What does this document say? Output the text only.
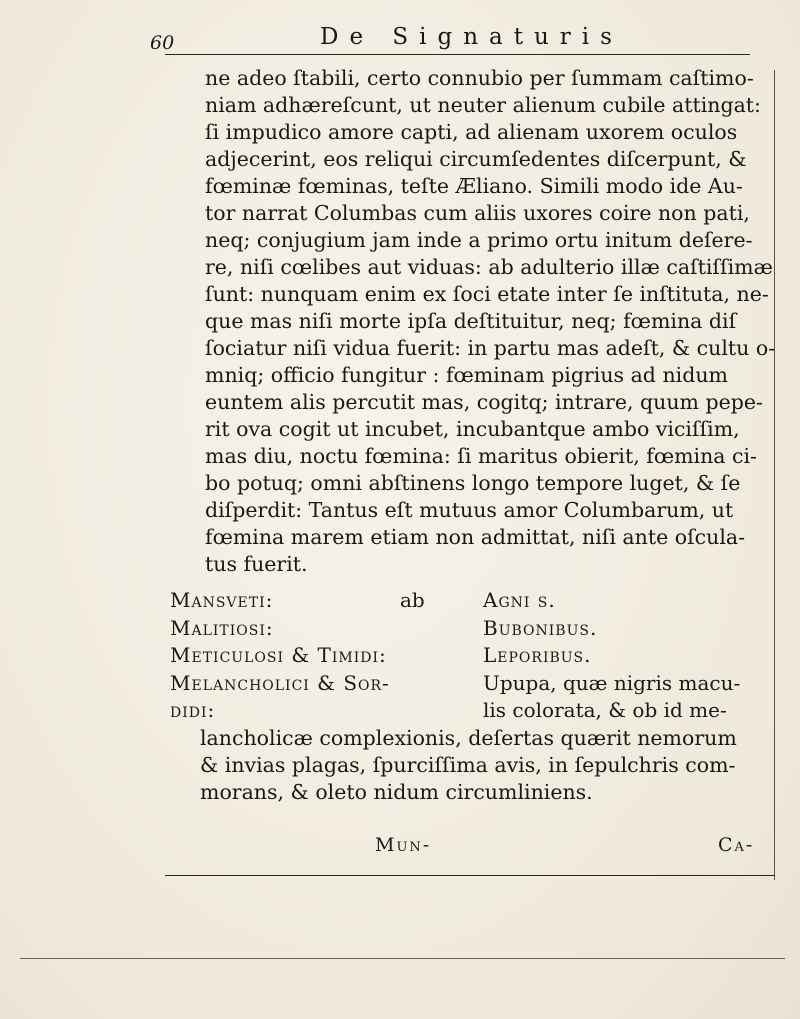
60	De Signaturis
ne adeo ſtabili, certo connubio per ſummam caſtimo-
niam adhæreſcunt, ut neuter alienum cubile attingat:
ſi impudico amore capti, ad alienam uxorem oculos
adjecerint, eos reliqui circumſedentes diſcerpunt, &
fœminæ fœminas, teſte Æliano. Simili modo ide Au-
tor narrat Columbas cum aliis uxores coire non pati,
neq; conjugium jam inde a primo ortu initum deſere-
re, niſi cœlibes aut viduas: ab adulterio illæ caſtiſſimæ
ſunt: nunquam enim ex ſoci etate inter ſe inſtituta, ne-
que mas niſi morte ipſa deſtituitur, neq; fœmina diſ
ſociatur niſi vidua fuerit: in partu mas adeſt, & cultu o-
mniq; officio fungitur : fœminam pigrius ad nidum
euntem alis percutit mas, cogitq; intrare, quum pepe-
rit ova cogit ut incubet, incubantque ambo viciſſim,
mas diu, noctu fœmina: ſi maritus obierit, fœmina ci-
bo potuq; omni abſtinens longo tempore luget, & ſe
diſperdit: Tantus eſt mutuus amor Columbarum, ut
fœmina marem etiam non admittat, niſi ante oſcula-
tus fuerit.
Mansveti:	ab	Agni s.
Malitiosi:	Bubonibus.
Meticulosi & Timidi:	Leporibus.
Melancholici & Sor-	Upupa, quæ nigris macu-
didi:	lis colorata, & ob id me-
lancholicæ complexionis, deſertas quærit nemorum
& invias plagas, ſpurciſſima avis, in ſepulchris com-
morans, & oleto nidum circumliniens.
Mun-	Ca-
